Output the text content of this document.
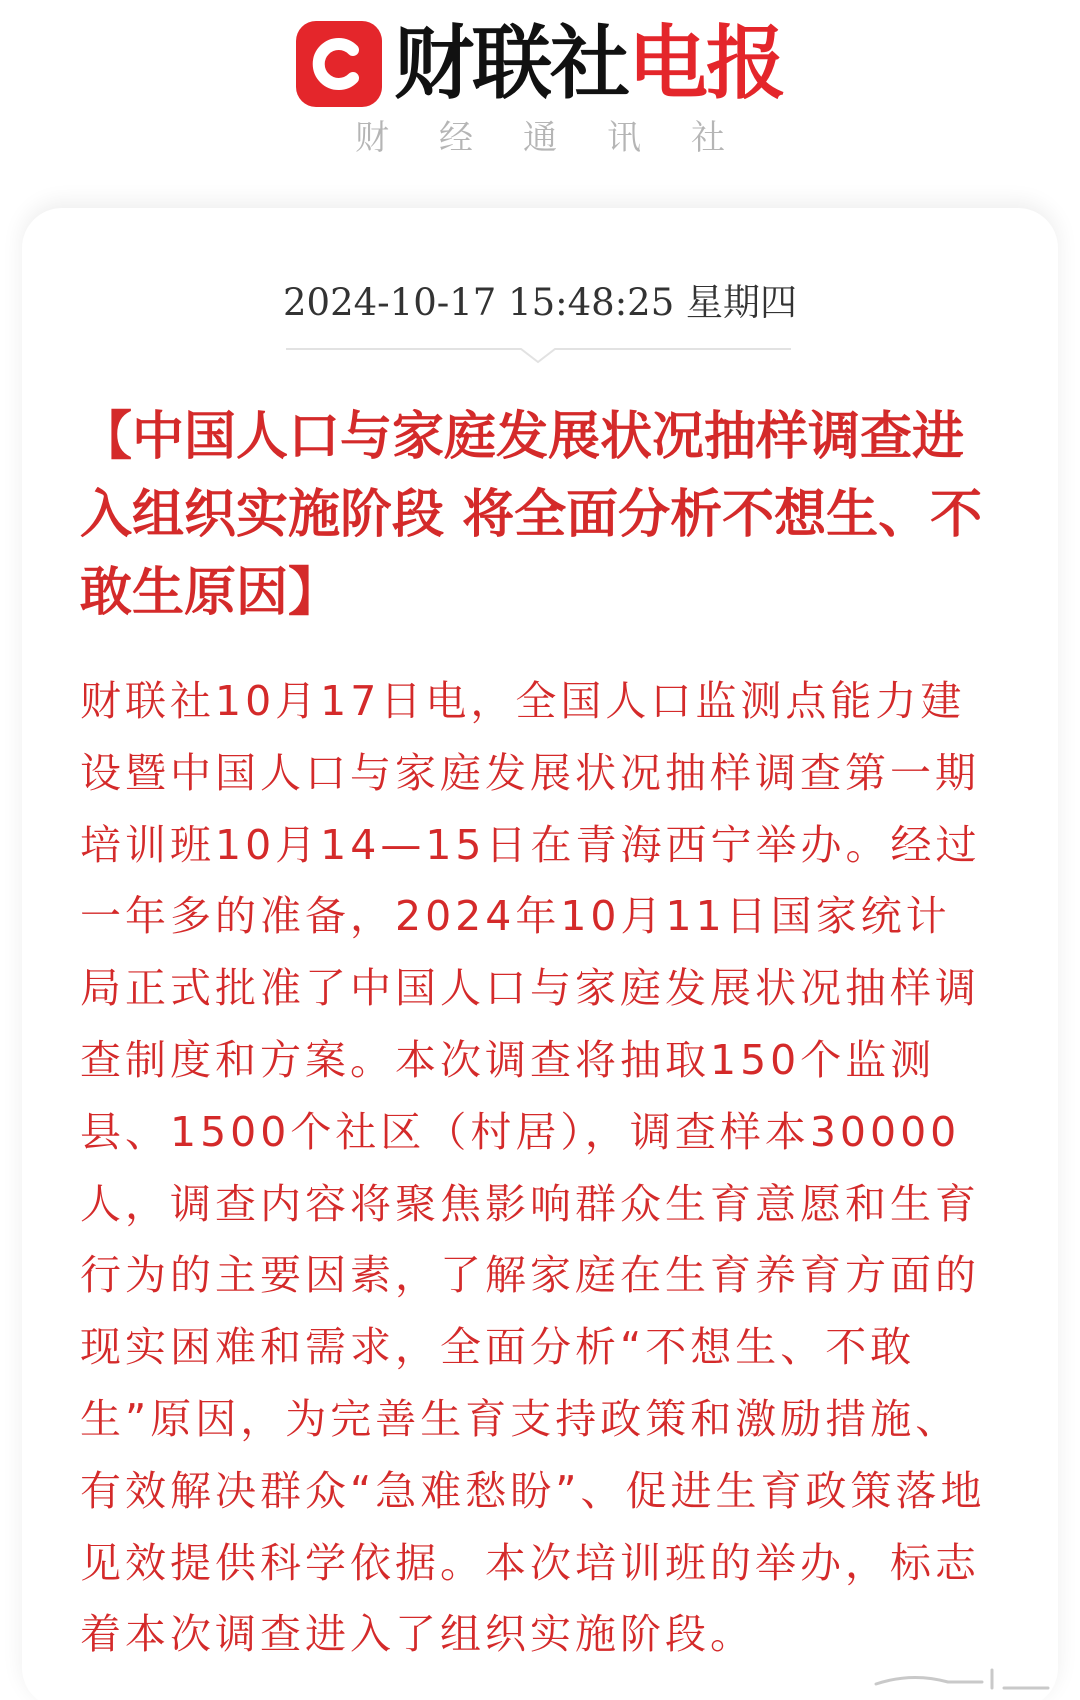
财联社 电报
财经通讯社
2024-10-17 15:48:25 星期四
【中国人口与家庭发展状况抽样调查进入组织实施阶段 将全面分析不想生、不敢生原因】

财联社10月17日电，全国人口监测点能力建设暨中国人口与家庭发展状况抽样调查第一期培训班10月14—15日在青海西宁举办。经过一年多的准备，2024年10月11日国家统计局正式批准了中国人口与家庭发展状况抽样调查制度和方案。本次调查将抽取150个监测县、1500个社区（村居），调查样本30000人，调查内容将聚焦影响群众生育意愿和生育行为的主要因素，了解家庭在生育养育方面的现实困难和需求，全面分析“不想生、不敢生”原因，为完善生育支持政策和激励措施、有效解决群众“急难愁盼”、促进生育政策落地见效提供科学依据。本次培训班的举办，标志着本次调查进入了组织实施阶段。
